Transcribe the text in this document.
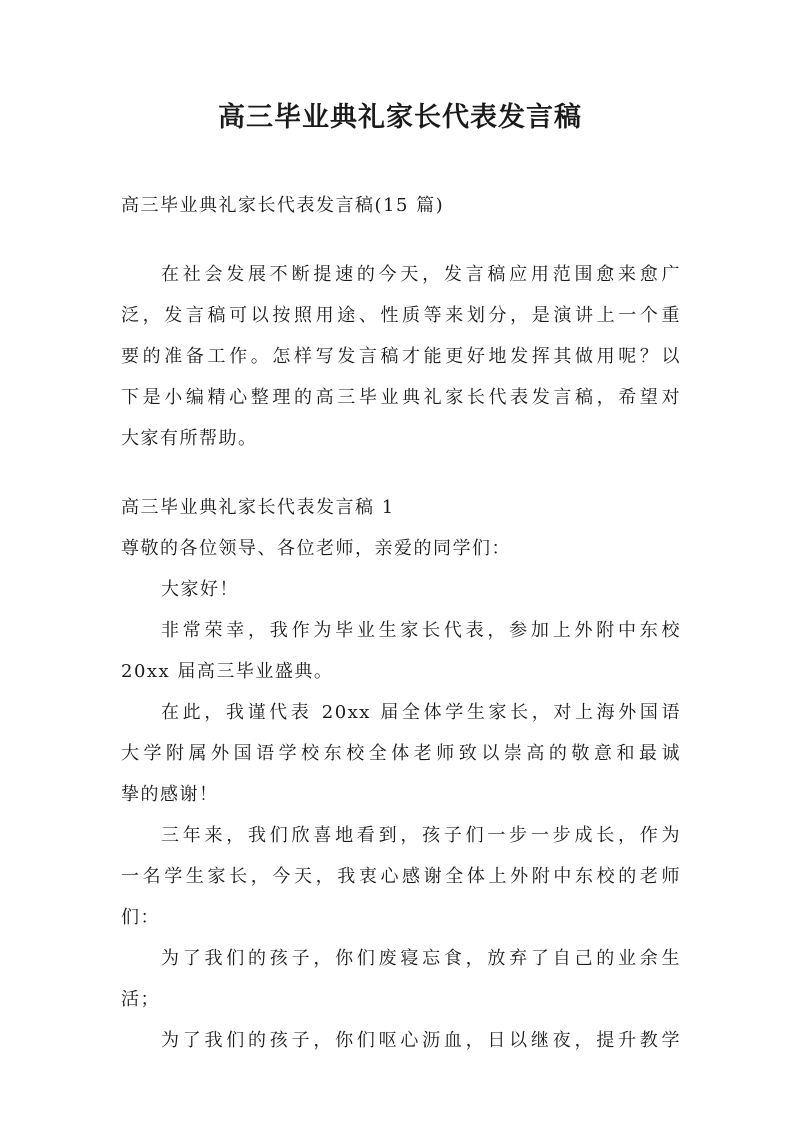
高三毕业典礼家长代表发言稿
高三毕业典礼家长代表发言稿(15 篇)
在社会发展不断提速的今天，发言稿应用范围愈来愈广
泛，发言稿可以按照用途、性质等来划分，是演讲上一个重
要的准备工作。怎样写发言稿才能更好地发挥其做用呢？以
下是小编精心整理的高三毕业典礼家长代表发言稿，希望对
大家有所帮助。
高三毕业典礼家长代表发言稿 1
尊敬的各位领导、各位老师，亲爱的同学们：
大家好！
非常荣幸，我作为毕业生家长代表，参加上外附中东校
20xx 届高三毕业盛典。
在此，我谨代表 20xx 届全体学生家长，对上海外国语
大学附属外国语学校东校全体老师致以崇高的敬意和最诚
挚的感谢！
三年来，我们欣喜地看到，孩子们一步一步成长，作为
一名学生家长，今天，我衷心感谢全体上外附中东校的老师
们：
为了我们的孩子，你们废寝忘食，放弃了自己的业余生
活；
为了我们的孩子，你们呕心沥血，日以继夜，提升教学
